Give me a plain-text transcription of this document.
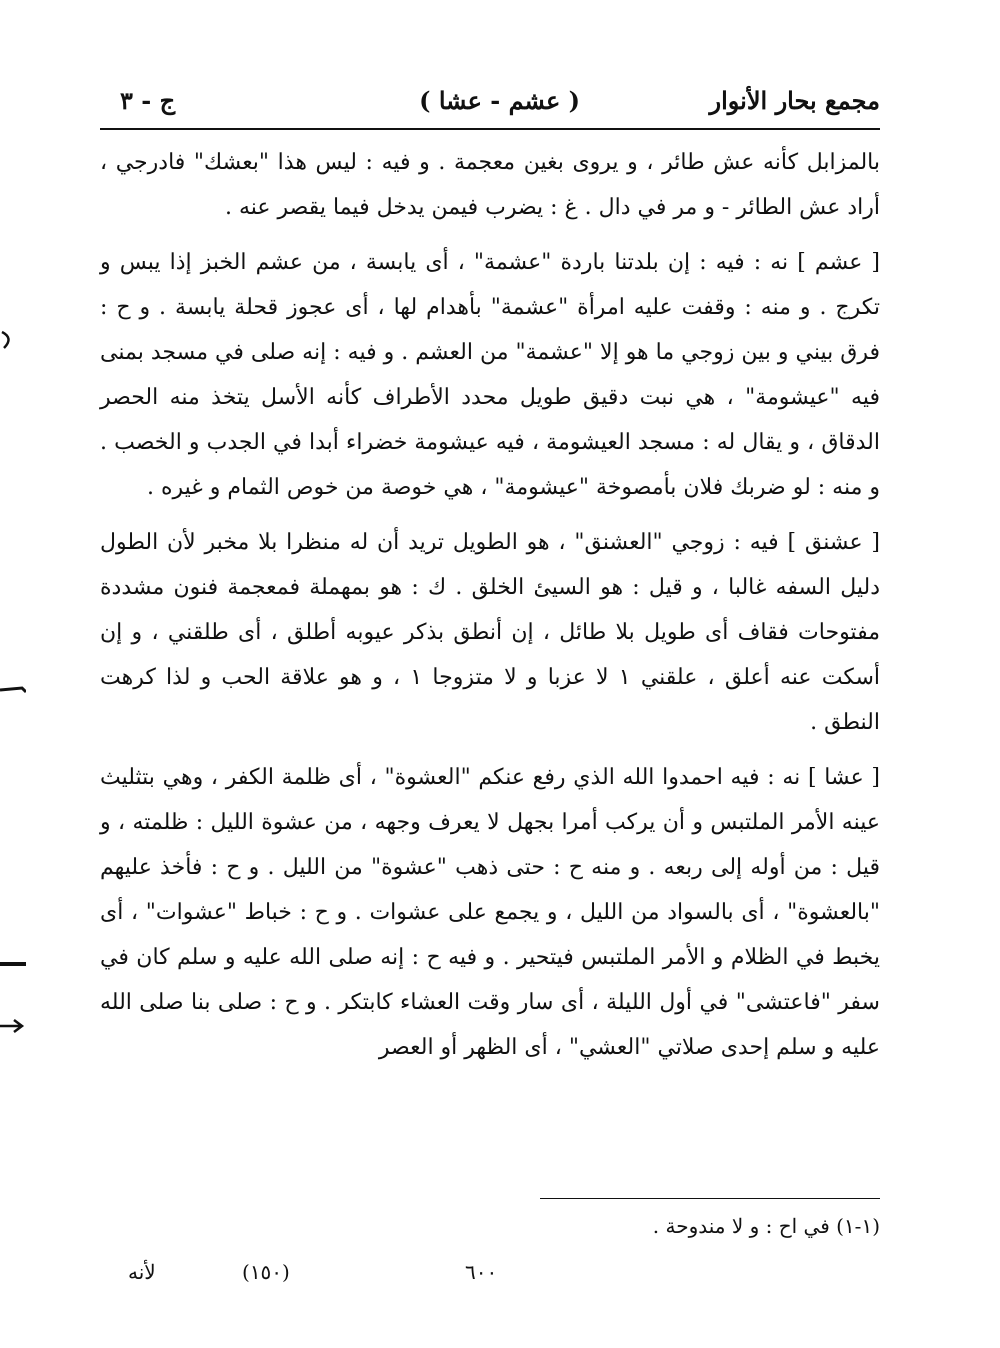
مجمع بحار الأنوار
( عشم - عشا )
ج - ٣

بالمزابل كأنه عش طائر ، و يروى بغين معجمة . و فيه : ليس هذا "بعشك" فادرجي ، أراد عش الطائر - و مر في دال . غ : يضرب فيمن يدخل فيما يقصر عنه .

[ عشم ] نه : فيه : إن بلدتنا باردة "عشمة" ، أى يابسة ، من عشم الخبز إذا يبس و تكرج . و منه : وقفت عليه امرأة "عشمة" بأهدام لها ، أى عجوز قحلة يابسة . و ح : فرق بيني و بين زوجي ما هو إلا "عشمة" من العشم . و فيه : إنه صلى في مسجد بمنى فيه "عيشومة" ، هي نبت دقيق طويل محدد الأطراف كأنه الأسل يتخذ منه الحصر الدقاق ، و يقال له : مسجد العيشومة ، فيه عيشومة خضراء أبدا في الجدب و الخصب . و منه : لو ضربك فلان بأمصوخة "عيشومة" ، هي خوصة من خوص الثمام و غيره .

[ عشنق ] فيه : زوجي "العشنق" ، هو الطويل تريد أن له منظرا بلا مخبر لأن الطول دليل السفه غالبا ، و قيل : هو السيئ الخلق . ك : هو بمهملة فمعجمة فنون مشددة مفتوحات فقاف أى طويل بلا طائل ، إن أنطق بذكر عيوبه أطلق ، أى طلقني ، و إن أسكت عنه أعلق ، علقني ١ لا عزبا و لا متزوجا ١ ، و هو علاقة الحب و لذا كرهت النطق .

[ عشا ] نه : فيه احمدوا الله الذي رفع عنكم "العشوة" ، أى ظلمة الكفر ، وهي بتثليث عينه الأمر الملتبس و أن يركب أمرا بجهل لا يعرف وجهه ، من عشوة الليل : ظلمته ، و قيل : من أوله إلى ربعه . و منه ح : حتى ذهب "عشوة" من الليل . و ح : فأخذ عليهم "بالعشوة" ، أى بالسواد من الليل ، و يجمع على عشوات . و ح : خباط "عشوات" ، أى يخبط في الظلام و الأمر الملتبس فيتحير . و فيه ح : إنه صلى الله عليه و سلم كان في سفر "فاعتشى" في أول الليلة ، أى سار وقت العشاء كابتكر . و ح : صلى بنا صلى الله عليه و سلم إحدى صلاتي "العشي" ، أى الظهر أو العصر

(١-١) في اح : و لا مندوحة .
٦٠٠
(١٥٠)
لأنه
